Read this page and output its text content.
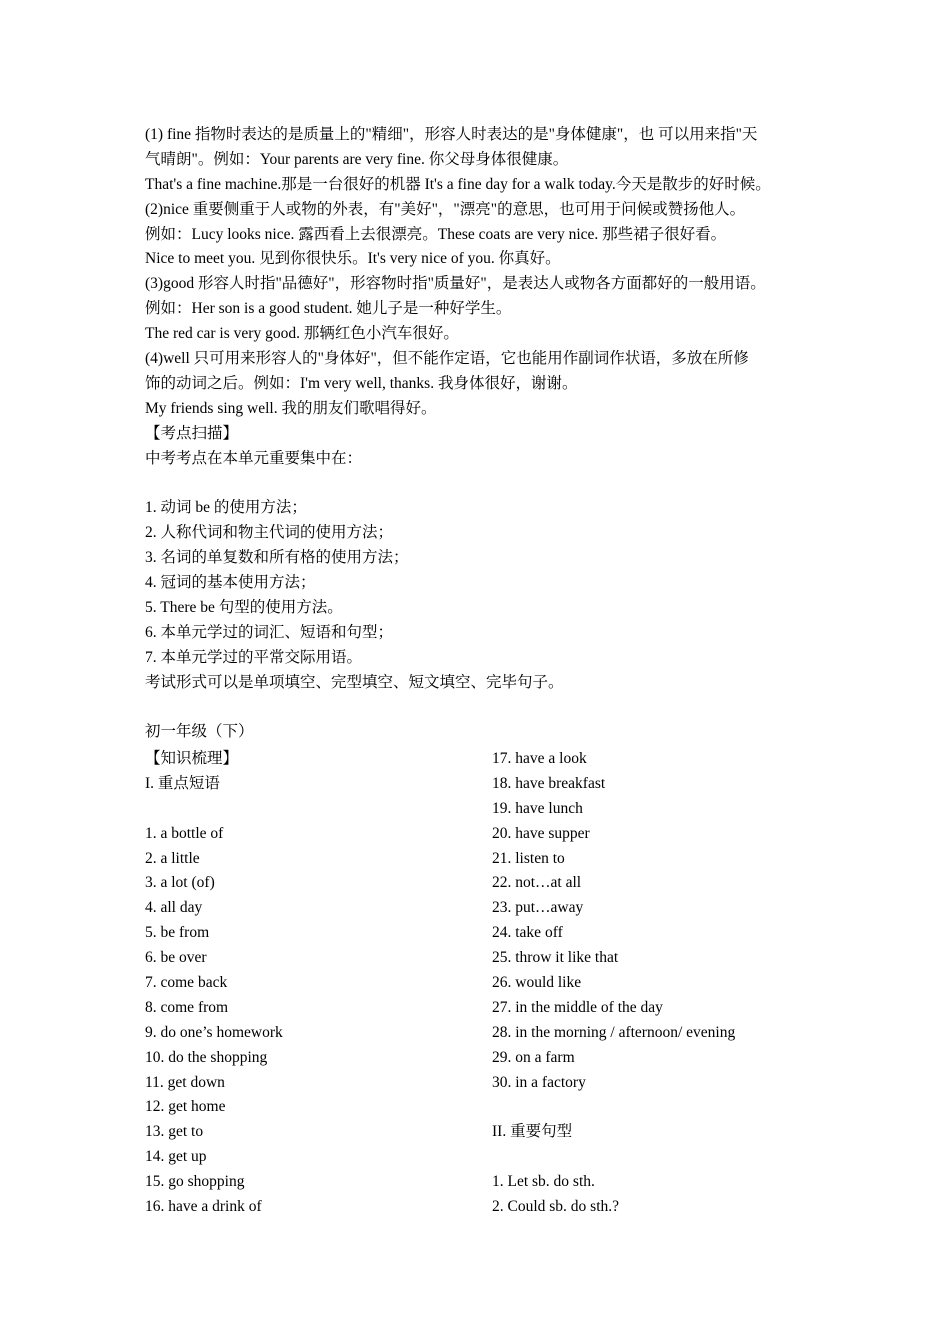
(1) fine 指物时表达的是质量上的"精细"，形容人时表达的是"身体健康"，也 可以用来指"天
气晴朗"。例如：Your parents are very fine. 你父母身体很健康。
That's a fine machine.那是一台很好的机器 It's a fine day for a walk today.今天是散步的好时候。
(2)nice 重要侧重于人或物的外表，有"美好"，"漂亮"的意思，也可用于问候或赞扬他人。
例如：Lucy looks nice. 露西看上去很漂亮。These coats are very nice. 那些裙子很好看。
Nice to meet you. 见到你很快乐。It's very nice of you. 你真好。
(3)good 形容人时指"品德好"，形容物时指"质量好"，是表达人或物各方面都好的一般用语。
例如：Her son is a good student. 她儿子是一种好学生。
The red car is very good. 那辆红色小汽车很好。
(4)well 只可用来形容人的"身体好"，但不能作定语，它也能用作副词作状语，多放在所修
饰的动词之后。例如：I'm very well, thanks. 我身体很好，谢谢。
My friends sing well. 我的朋友们歌唱得好。
【考点扫描】
中考考点在本单元重要集中在：
1. 动词 be 的使用方法；
2. 人称代词和物主代词的使用方法；
3. 名词的单复数和所有格的使用方法；
4. 冠词的基本使用方法；
5. There be 句型的使用方法。
6. 本单元学过的词汇、短语和句型；
7. 本单元学过的平常交际用语。
考试形式可以是单项填空、完型填空、短文填空、完毕句子。
初一年级（下）
【知识梳理】
I. 重点短语
1. a bottle of
2. a little
3. a lot (of)
4. all day
5. be from
6. be over
7. come back
8. come from
9. do one’s homework
10. do the shopping
11. get down
12. get home
13. get to
14. get up
15. go shopping
16. have a drink of
17. have a look
18. have breakfast
19. have lunch
20. have supper
21. listen to
22. not…at all
23. put…away
24. take off
25. throw it like that
26. would like
27. in the middle of the day
28. in the morning / afternoon/ evening
29. on a farm
30. in a factory
II. 重要句型
1. Let sb. do sth.
2. Could sb. do sth.?
